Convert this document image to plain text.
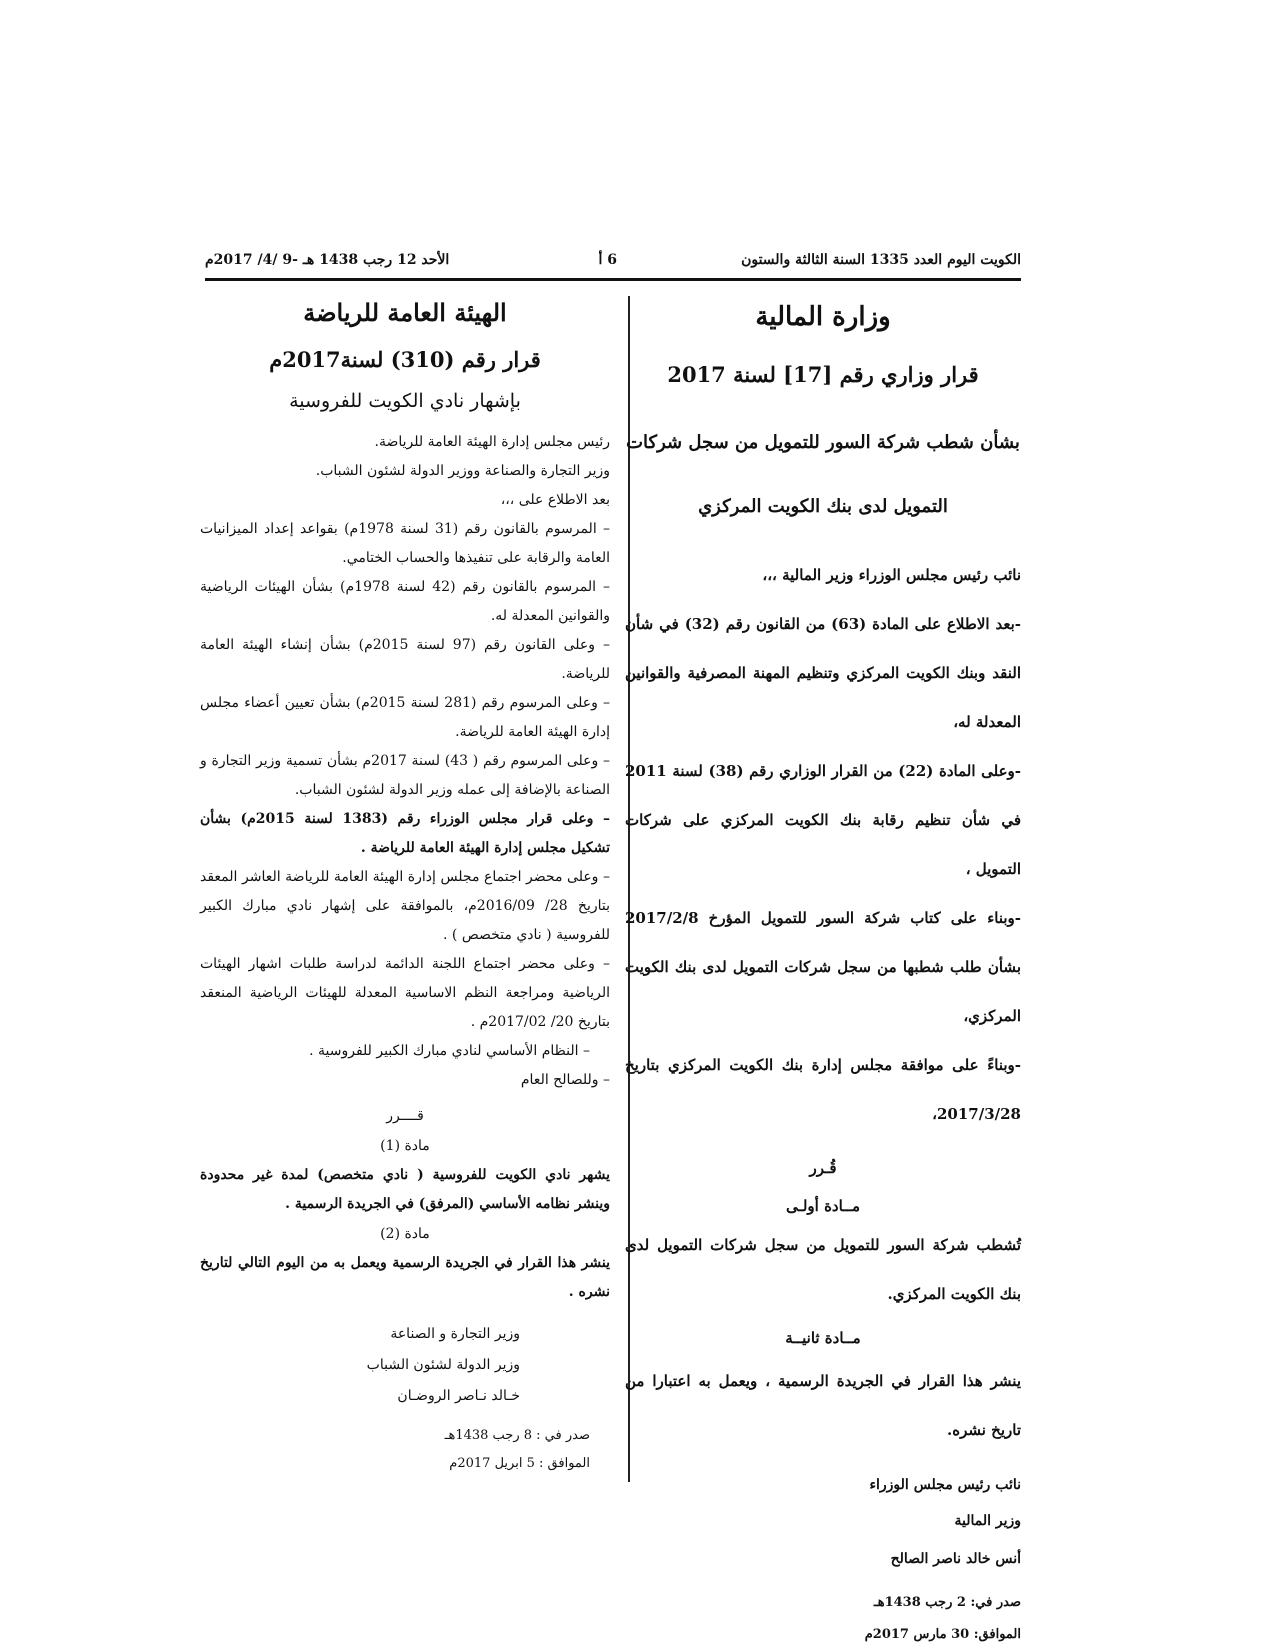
الكويت اليوم العدد 1335 السنة الثالثة والستون
6 أ
الأحد 12 رجب 1438 هـ -9 /4/ 2017م

وزارة المالية

قرار وزاري رقم [17] لسنة 2017

بشأن شطب شركة السور للتمويل من سجل شركات التمويل لدى بنك الكويت المركزي

نائب رئيس مجلس الوزراء وزير المالية ،،،

-بعد الاطلاع على المادة (63) من القانون رقم (32) في شأن النقد وبنك الكويت المركزي وتنظيم المهنة المصرفية والقوانين المعدلة له،

-وعلى المادة (22) من القرار الوزاري رقم (38) لسنة 2011 في شأن تنظيم رقابة بنك الكويت المركزي على شركات التمويل ،

-وبناء على كتاب شركة السور للتمويل المؤرخ 2017/2/8 بشأن طلب شطبها من سجل شركات التمويل لدى بنك الكويت المركزي،

-وبناءً على موافقة مجلس إدارة بنك الكويت المركزي بتاريخ 2017/3/28،

قُـرر

مــادة أولـى

تُشطب شركة السور للتمويل من سجل شركات التمويل لدى بنك الكويت المركزي.

مــادة ثانيــة

ينشر هذا القرار في الجريدة الرسمية ، ويعمل به اعتبارا من تاريخ نشره.

نائب رئيس مجلس الوزراء

وزير المالية

أنس خالد ناصر الصالح

صدر في: 2 رجب 1438هـ

الموافق: 30 مارس 2017م

الهيئة العامة للرياضة

قرار رقم (310) لسنة2017م

بإشهار نادي الكويت للفروسية

رئيس مجلس إدارة الهيئة العامة للرياضة.

وزير التجارة والصناعة ووزير الدولة لشئون الشباب.

بعد الاطلاع على ،،،

– المرسوم بالقانون رقم (31 لسنة 1978م) بقواعد إعداد الميزانيات العامة والرقابة على تنفيذها والحساب الختامي.

– المرسوم بالقانون رقم (42 لسنة 1978م) بشأن الهيئات الرياضية والقوانين المعدلة له.

– وعلى القانون رقم (97 لسنة 2015م) بشأن إنشاء الهيئة العامة للرياضة.

– وعلى المرسوم رقم (281 لسنة 2015م) بشأن تعيين أعضاء مجلس إدارة الهيئة العامة للرياضة.

– وعلى المرسوم رقم ( 43) لسنة 2017م بشأن تسمية وزير التجارة و الصناعة بالإضافة إلى عمله وزير الدولة لشئون الشباب.

– وعلى قرار مجلس الوزراء رقم (1383 لسنة 2015م) بشأن تشكيل مجلس إدارة الهيئة العامة للرياضة .

– وعلى محضر اجتماع مجلس إدارة الهيئة العامة للرياضة العاشر المعقد بتاريخ 28/ 2016/09م، بالموافقة على إشهار نادي مبارك الكبير للفروسية ( نادي متخصص ) .

– وعلى محضر اجتماع اللجنة الدائمة لدراسة طلبات اشهار الهيئات الرياضية ومراجعة النظم الاساسية المعدلة للهيئات الرياضية المنعقد بتاريخ 20/ 2017/02م .

– النظام الأساسي لنادي مبارك الكبير للفروسية .

– وللصالح العام

قــــرر

مادة (1)

يشهر نادي الكويت للفروسية ( نادي متخصص) لمدة غير محدودة وينشر نظامه الأساسي (المرفق) في الجريدة الرسمية .

مادة (2)

ينشر هذا القرار في الجريدة الرسمية ويعمل به من اليوم التالي لتاريخ نشره .

وزير التجارة و الصناعة

وزير الدولة لشئون الشباب

خـالد نـاصر الروضـان

صدر في : 8 رجب 1438هـ

الموافق : 5 ابريل 2017م
